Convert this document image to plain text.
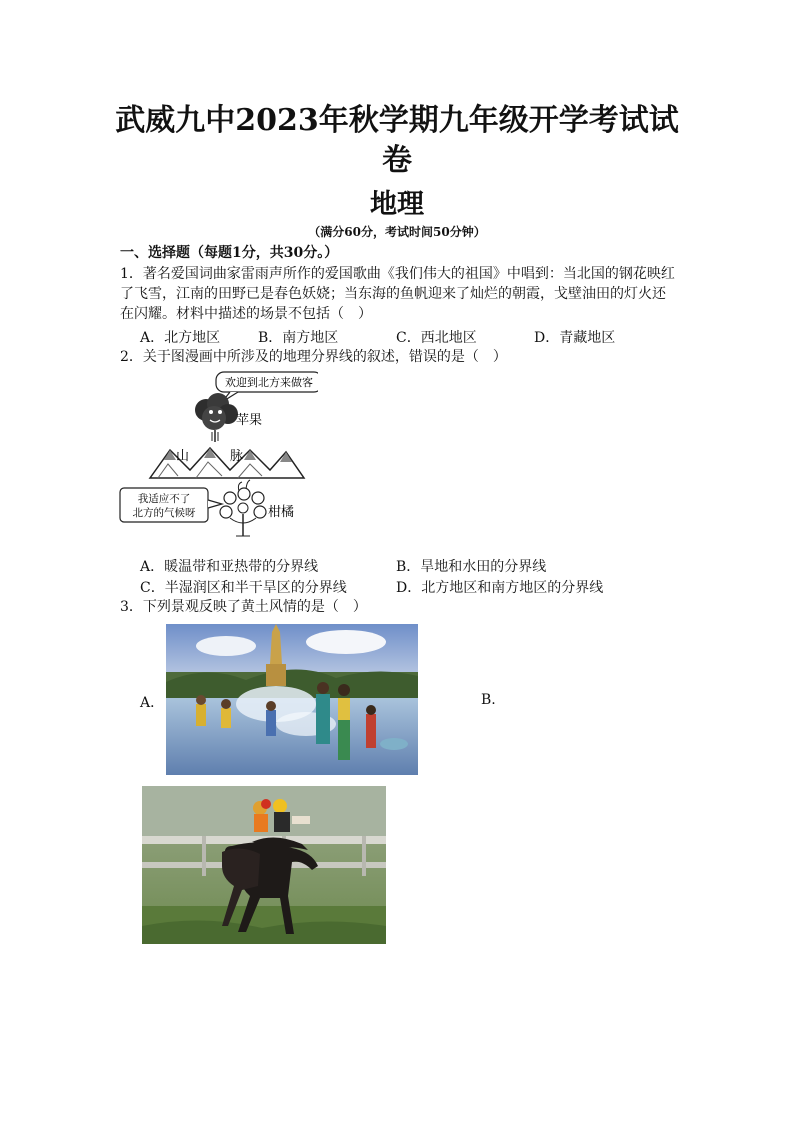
武威九中2023年秋学期九年级开学考试试
卷
地理
（满分60分，考试时间50分钟）
一、选择题（每题1分，共30分。）
1．著名爱国词曲家雷雨声所作的爱国歌曲《我们伟大的祖国》中唱到：当北国的钢花映红了飞雪，江南的田野已是春色妖娆；当东海的鱼帆迎来了灿烂的朝霞，戈壁油田的灯火还在闪耀。材料中描述的场景不包括（　）
A．北方地区	B．南方地区	C．西北地区	D．青藏地区
2．关于图漫画中所涉及的地理分界线的叙述，错误的是（　）
欢迎到北方来做客
苹果
山	脉
我适应不了
北方的气候呀	柑橘
A．暖温带和亚热带的分界线	B．旱地和水田的分界线
C．半湿润区和半干旱区的分界线	D．北方地区和南方地区的分界线
3．下列景观反映了黄土风情的是（　）
A．	B.
